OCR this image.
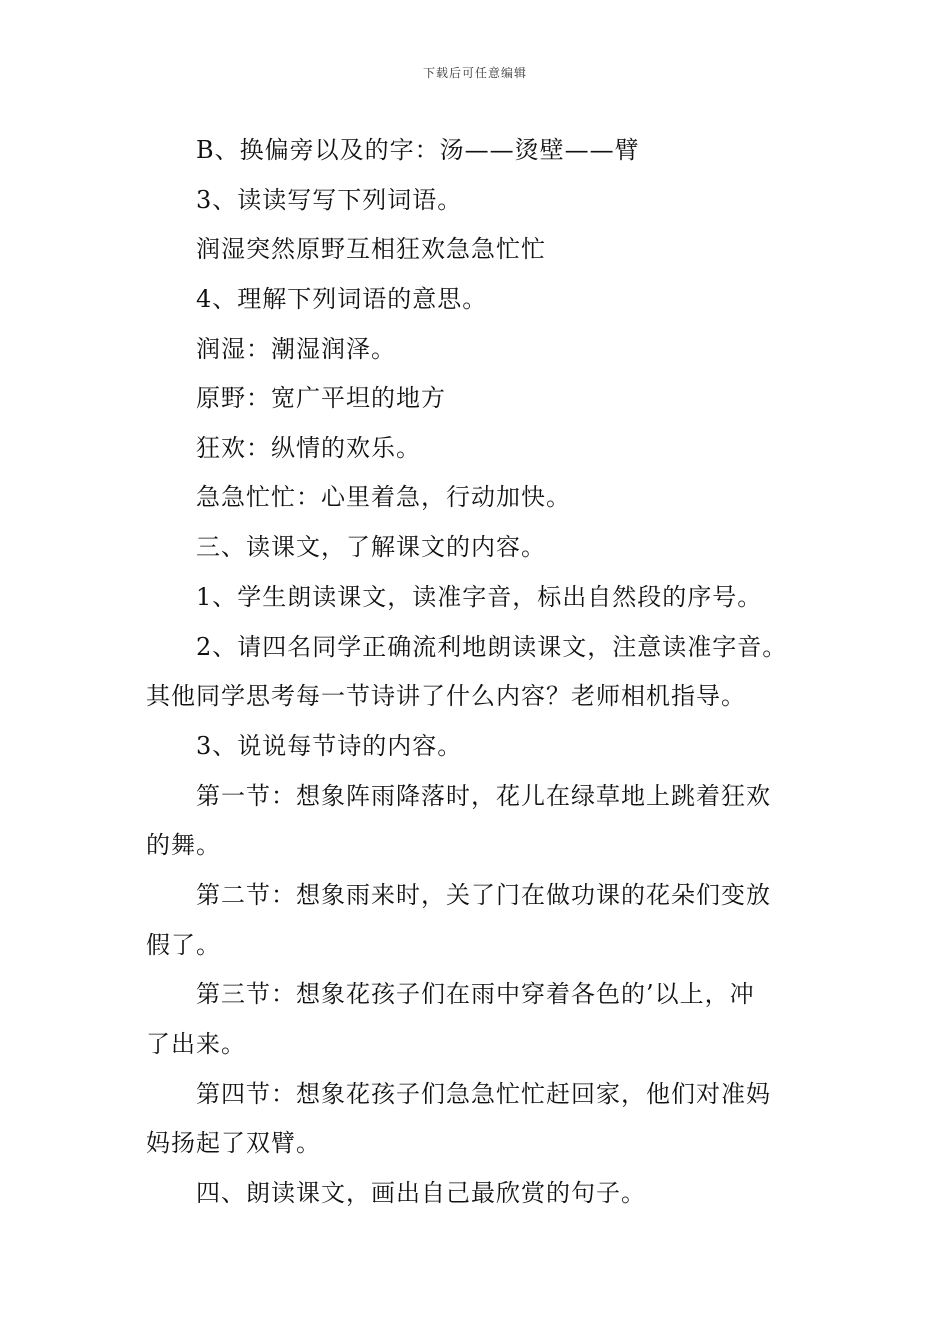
下载后可任意编辑
B、换偏旁以及的字：汤——烫壁——臂
3、读读写写下列词语。
润湿突然原野互相狂欢急急忙忙
4、理解下列词语的意思。
润湿：潮湿润泽。
原野：宽广平坦的地方
狂欢：纵情的欢乐。
急急忙忙：心里着急，行动加快。
三、读课文，了解课文的内容。
1、学生朗读课文，读准字音，标出自然段的序号。
2、请四名同学正确流利地朗读课文，注意读准字音。
其他同学思考每一节诗讲了什么内容？老师相机指导。
3、说说每节诗的内容。
第一节：想象阵雨降落时，花儿在绿草地上跳着狂欢
的舞。
第二节：想象雨来时，关了门在做功课的花朵们变放
假了。
第三节：想象花孩子们在雨中穿着各色的’以上，冲
了出来。
第四节：想象花孩子们急急忙忙赶回家，他们对准妈
妈扬起了双臂。
四、朗读课文，画出自己最欣赏的句子。
